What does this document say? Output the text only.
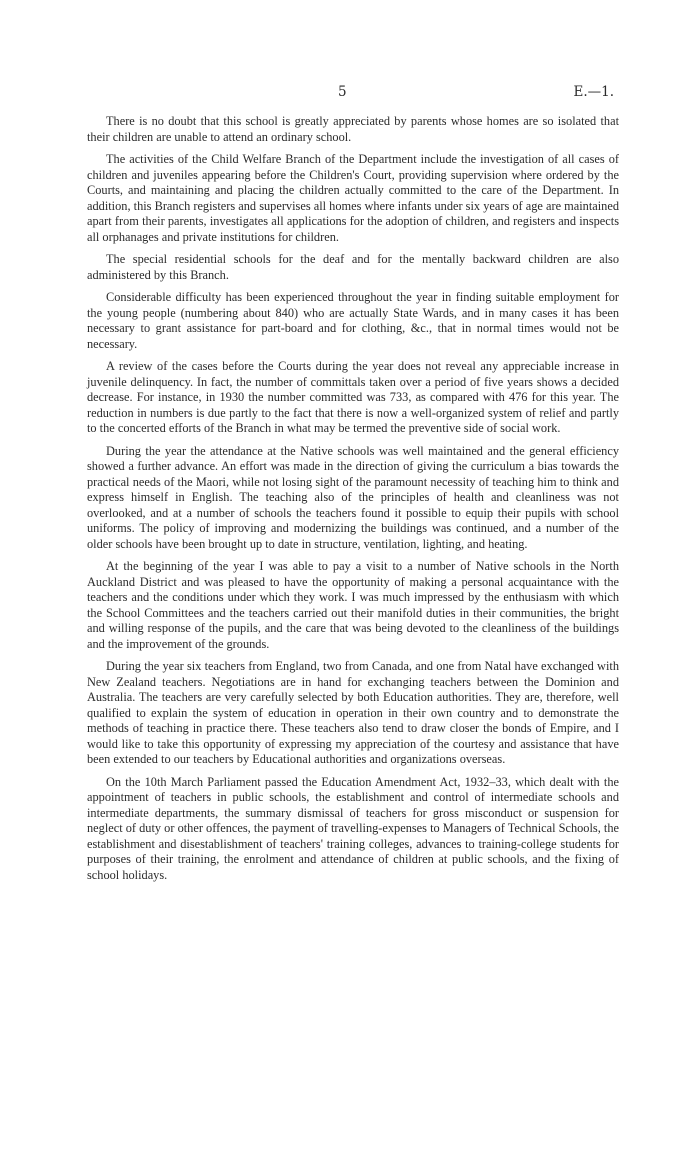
5	E.—1.

There is no doubt that this school is greatly appreciated by parents whose homes are so isolated that their children are unable to attend an ordinary school.

The activities of the Child Welfare Branch of the Department include the investigation of all cases of children and juveniles appearing before the Children's Court, providing supervision where ordered by the Courts, and maintaining and placing the children actually committed to the care of the Department. In addition, this Branch registers and supervises all homes where infants under six years of age are maintained apart from their parents, investigates all applications for the adoption of children, and registers and inspects all orphanages and private institutions for children.

The special residential schools for the deaf and for the mentally backward children are also administered by this Branch.

Considerable difficulty has been experienced throughout the year in finding suitable employment for the young people (numbering about 840) who are actually State Wards, and in many cases it has been necessary to grant assistance for part-board and for clothing, &c., that in normal times would not be necessary.

A review of the cases before the Courts during the year does not reveal any appreciable increase in juvenile delinquency. In fact, the number of committals taken over a period of five years shows a decided decrease. For instance, in 1930 the number committed was 733, as compared with 476 for this year. The reduction in numbers is due partly to the fact that there is now a well-organized system of relief and partly to the concerted efforts of the Branch in what may be termed the preventive side of social work.

During the year the attendance at the Native schools was well maintained and the general efficiency showed a further advance. An effort was made in the direction of giving the curriculum a bias towards the practical needs of the Maori, while not losing sight of the paramount necessity of teaching him to think and express himself in English. The teaching also of the principles of health and cleanliness was not overlooked, and at a number of schools the teachers found it possible to equip their pupils with school uniforms. The policy of improving and modernizing the buildings was continued, and a number of the older schools have been brought up to date in structure, ventilation, lighting, and heating.

At the beginning of the year I was able to pay a visit to a number of Native schools in the North Auckland District and was pleased to have the opportunity of making a personal acquaintance with the teachers and the conditions under which they work. I was much impressed by the enthusiasm with which the School Committees and the teachers carried out their manifold duties in their communities, the bright and willing response of the pupils, and the care that was being devoted to the cleanliness of the buildings and the improvement of the grounds.

During the year six teachers from England, two from Canada, and one from Natal have exchanged with New Zealand teachers. Negotiations are in hand for exchanging teachers between the Dominion and Australia. The teachers are very carefully selected by both Education authorities. They are, therefore, well qualified to explain the system of education in operation in their own country and to demonstrate the methods of teaching in practice there. These teachers also tend to draw closer the bonds of Empire, and I would like to take this opportunity of expressing my appreciation of the courtesy and assistance that have been extended to our teachers by Educational authorities and organizations overseas.

On the 10th March Parliament passed the Education Amendment Act, 1932–33, which dealt with the appointment of teachers in public schools, the establishment and control of intermediate schools and intermediate departments, the summary dismissal of teachers for gross misconduct or suspension for neglect of duty or other offences, the payment of travelling-expenses to Managers of Technical Schools, the establishment and disestablishment of teachers' training colleges, advances to training-college students for purposes of their training, the enrolment and attendance of children at public schools, and the fixing of school holidays.
